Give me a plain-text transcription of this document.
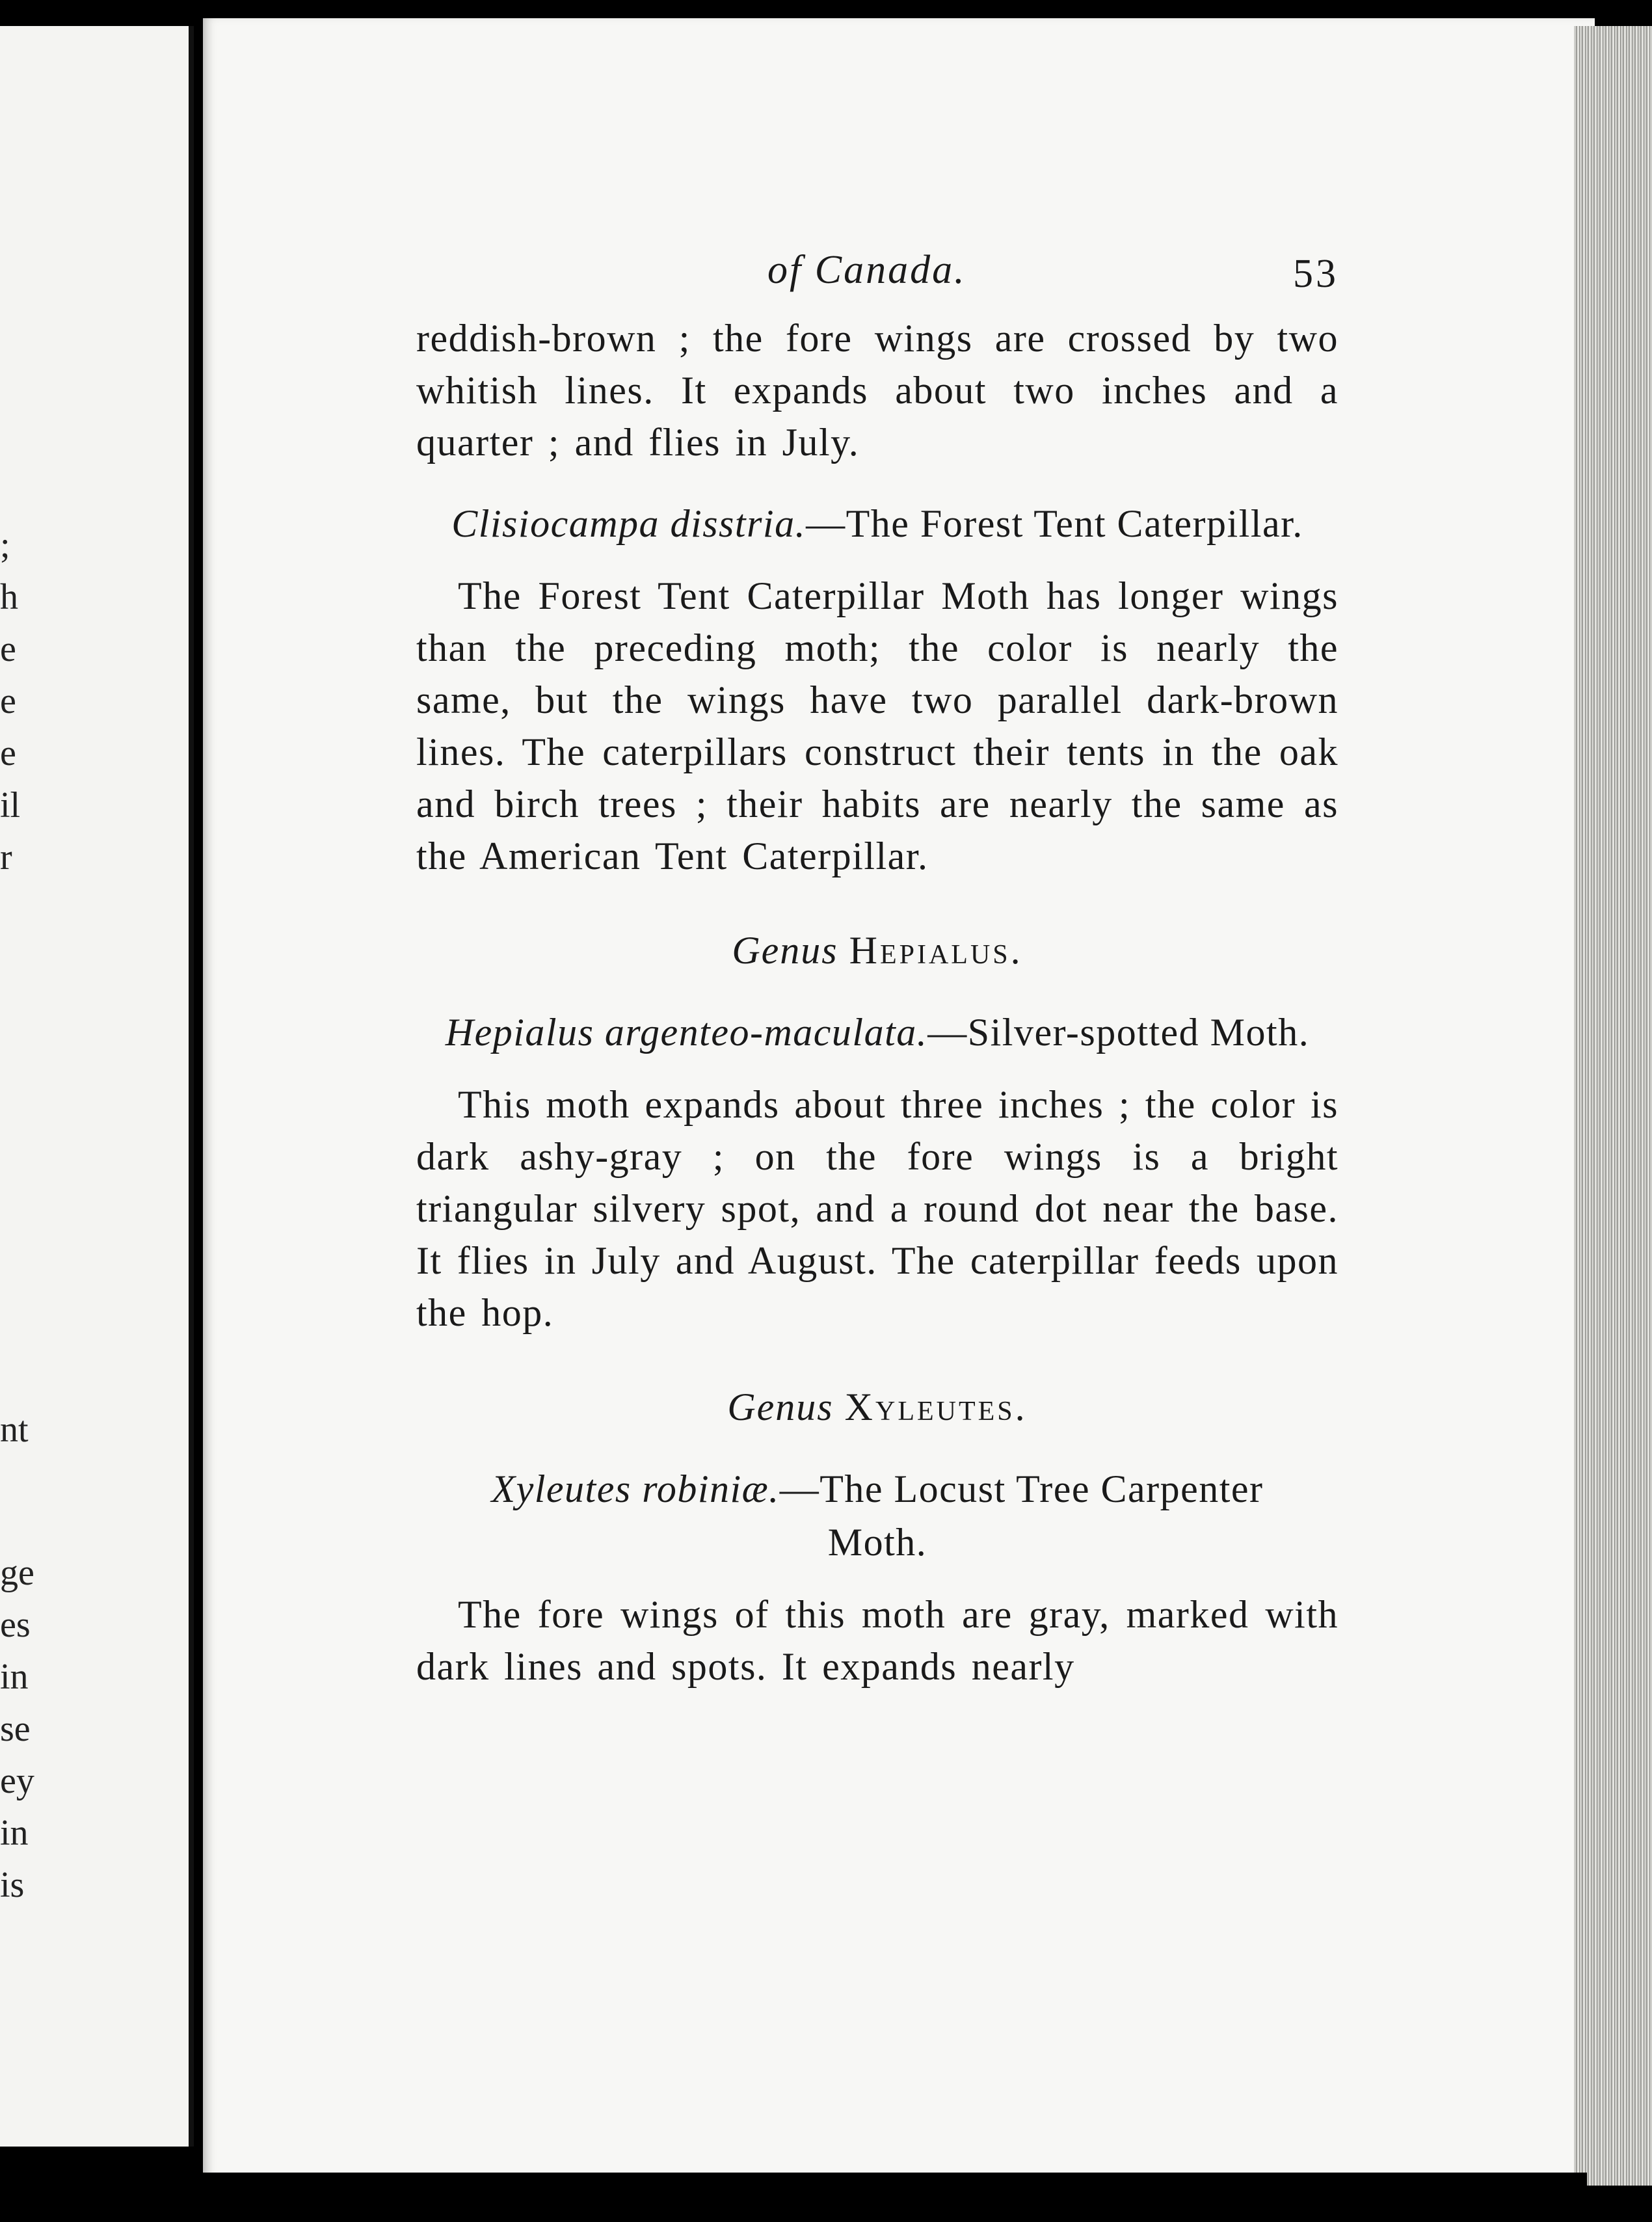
;
h
e
e
e
il
r
nt
ge
es
in
se
ey
in
is
of Canada.	53

reddish-brown ; the fore wings are crossed by two whitish lines. It expands about two inches and a quarter ; and flies in July.

Clisiocampa disstria.—The Forest Tent Caterpillar.

The Forest Tent Caterpillar Moth has longer wings than the preceding moth; the color is nearly the same, but the wings have two parallel dark-brown lines. The caterpillars construct their tents in the oak and birch trees ; their habits are nearly the same as the American Tent Caterpillar.

Genus Hepialus.

Hepialus argenteo-maculata.—Silver-spotted Moth.

This moth expands about three inches ; the color is dark ashy-gray ; on the fore wings is a bright triangular silvery spot, and a round dot near the base. It flies in July and August. The caterpillar feeds upon the hop.

Genus Xyleutes.

Xyleutes robiniæ.—The Locust Tree Carpenter Moth.

The fore wings of this moth are gray, marked with dark lines and spots. It expands nearly
